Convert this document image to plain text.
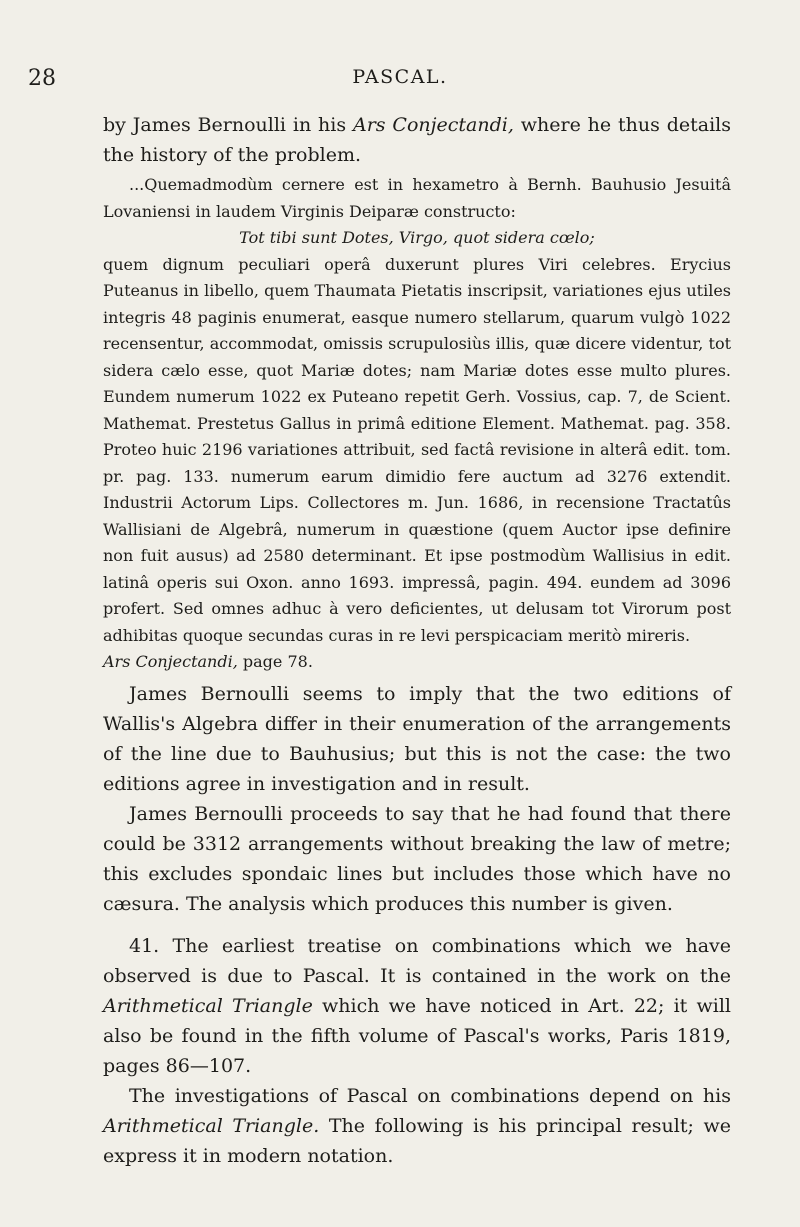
28	PASCAL.

by James Bernoulli in his Ars Conjectandi, where he thus details the history of the problem.

...Quemadmodùm cernere est in hexametro à Bernh. Bauhusio Jesuitâ Lovaniensi in laudem Virginis Deiparæ constructo:

Tot tibi sunt Dotes, Virgo, quot sidera cœlo;

quem dignum peculiari operâ duxerunt plures Viri celebres. Erycius Puteanus in libello, quem Thaumata Pietatis inscripsit, variationes ejus utiles integris 48 paginis enumerat, easque numero stellarum, quarum vulgò 1022 recensentur, accommodat, omissis scrupulosiùs illis, quæ dicere videntur, tot sidera cælo esse, quot Mariæ dotes; nam Mariæ dotes esse multo plures. Eundem numerum 1022 ex Puteano repetit Gerh. Vossius, cap. 7, de Scient. Mathemat. Prestetus Gallus in primâ editione Element. Mathemat. pag. 358. Proteo huic 2196 variationes attribuit, sed factâ revisione in alterâ edit. tom. pr. pag. 133. numerum earum dimidio fere auctum ad 3276 extendit. Industrii Actorum Lips. Collectores m. Jun. 1686, in recensione Tractatûs Wallisiani de Algebrâ, numerum in quæstione (quem Auctor ipse definire non fuit ausus) ad 2580 determinant. Et ipse postmodùm Wallisius in edit. latinâ operis sui Oxon. anno 1693. impressâ, pagin. 494. eundem ad 3096 profert. Sed omnes adhuc à vero deficientes, ut delusam tot Virorum post adhibitas quoque secundas curas in re levi perspicaciam meritò mireris.

Ars Conjectandi, page 78.

James Bernoulli seems to imply that the two editions of Wallis's Algebra differ in their enumeration of the arrangements of the line due to Bauhusius; but this is not the case: the two editions agree in investigation and in result.

James Bernoulli proceeds to say that he had found that there could be 3312 arrangements without breaking the law of metre; this excludes spondaic lines but includes those which have no cæsura. The analysis which produces this number is given.

41. The earliest treatise on combinations which we have observed is due to Pascal. It is contained in the work on the Arithmetical Triangle which we have noticed in Art. 22; it will also be found in the fifth volume of Pascal's works, Paris 1819, pages 86—107.

The investigations of Pascal on combinations depend on his Arithmetical Triangle. The following is his principal result; we express it in modern notation.
